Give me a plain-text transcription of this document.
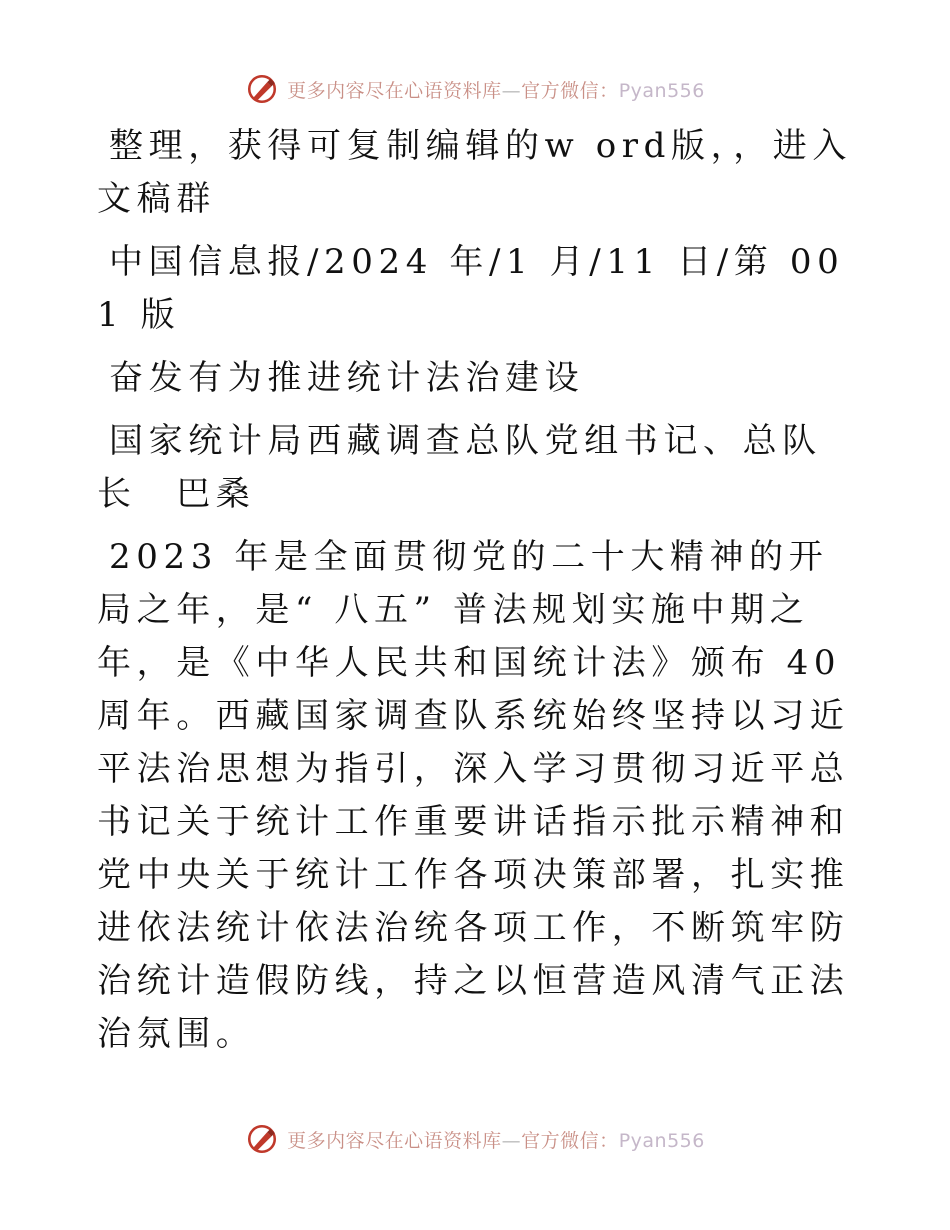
更多内容尽在心语资料库—官方微信：Pyan556

整理，获得可复制编辑的w ord版，，进入文稿群

中国信息报/2024 年/1 月/11 日/第 001 版

奋发有为推进统计法治建设

国家统计局西藏调查总队党组书记、总队长　巴桑

2023 年是全面贯彻党的二十大精神的开局之年，是“ 八五” 普法规划实施中期之年，是《中华人民共和国统计法》颁布 40 周年。西藏国家调查队系统始终坚持以习近平法治思想为指引，深入学习贯彻习近平总书记关于统计工作重要讲话指示批示精神和党中央关于统计工作各项决策部署，扎实推进依法统计依法治统各项工作，不断筑牢防治统计造假防线，持之以恒营造风清气正法治氛围。

更多内容尽在心语资料库—官方微信：Pyan556
